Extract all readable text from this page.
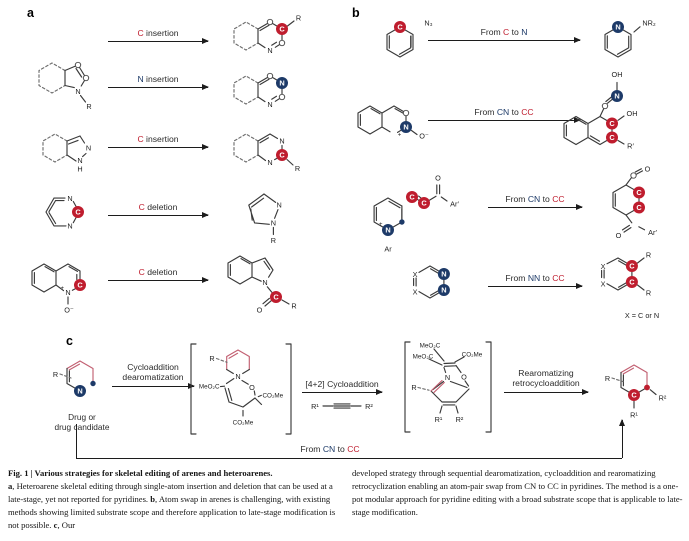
a
N
R
C insertion	C
R
N
N insertion	N
N
N
N
H
C insertion
C
N
N
R
C
N
N
C deletion	N
N
R
C
N
+
O⁻
C deletion
C
N
O	R
b
C	N₃
From C to N	N	NR₂
N
+ O⁻
From CN to CC
N
OH
C
OH
C
R′
N
+
Ar
C
C
O
Ar′	From CN to CC
C
C
O
O	Ar′
X
X
N
N
From NN to CC
X
X
C
C
R
R
X = C or N
c
R
N
Drug or
drug candidate
Cycloaddition
dearomatization
R
N
O
MeO₂C
CO₂Me
CO₂Me
[4+2] Cycloaddition
R¹	R²
MeO₂C
MeO₂C	CO₂Me
N O
R
R¹ R²
Rearomatizing
retrocycloaddition	R
C
R¹
R²
From CN to CC
Fig. 1 | Various strategies for skeletal editing of arenes and heteroarenes.
a, Heteroarene skeletal editing through single-atom insertion and deletion that can be used at a late-stage, yet not reported for pyridines. b, Atom swap in arenes is challenging, with existing methods showing limited substrate scope and therefore application to late-stage modification is not possible. c, Our
developed strategy through sequential dearomatization, cycloaddition and rearomatizing retrocyclization enabling an atom-pair swap from CN to CC in pyridines. The method is a one-pot modular approach for pyridine editing with a broad substrate scope that is applicable to late-stage modification.
